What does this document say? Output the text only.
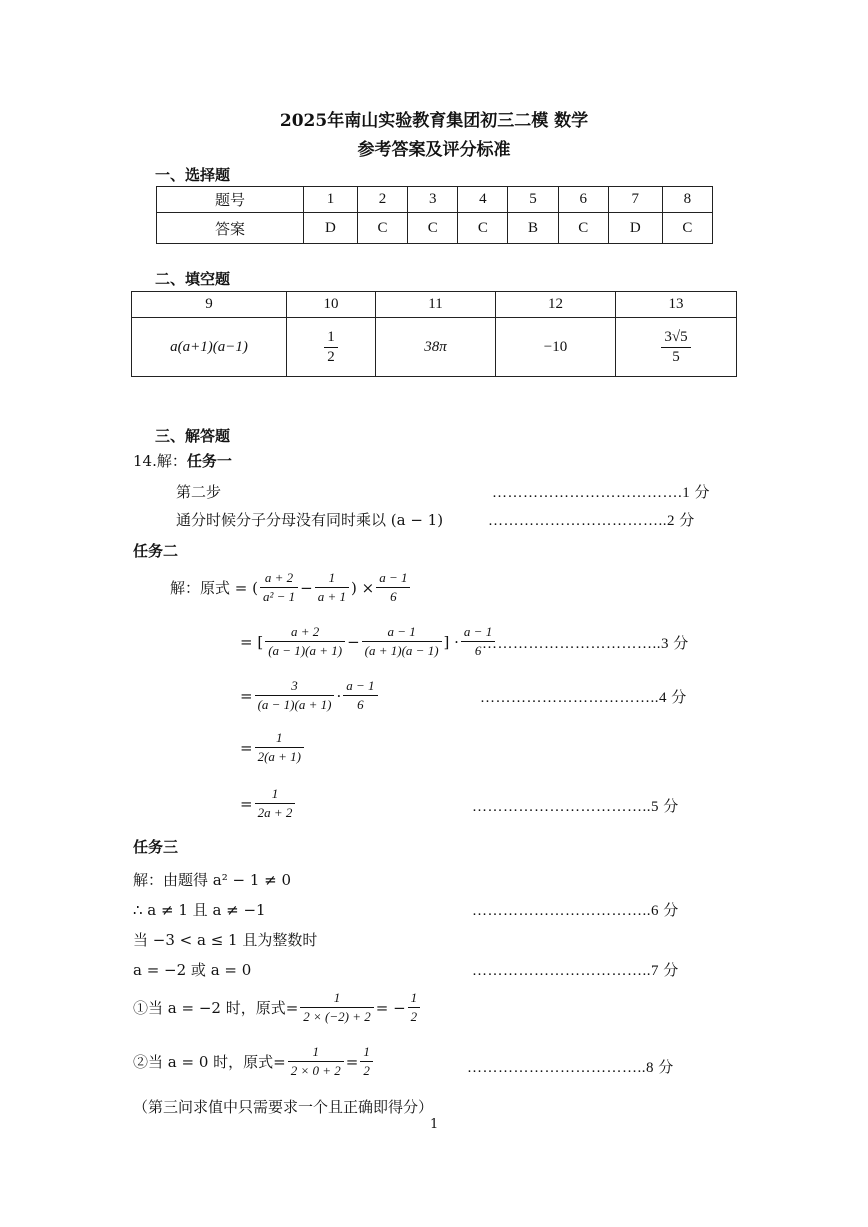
2025年南山实验教育集团初三二模 数学
参考答案及评分标准
一、选择题
题号	1	2	3	4	5	6	7	8
答案	D	C	C	C	B	C	D	C
二、填空题
9	10	11	12	13
a(a+1)(a−1)	$\frac{1}{2}$	38π	−10	$\frac{3√5}{5}$
三、解答题
14.解：任务一
第二步	……………………………….1 分
通分时候分子分母没有同时乘以 (a − 1)	……………………………..2 分
任务二
解：原式 = ( $\frac{a + 2}{\text{a² − 1}} - \frac{1}{a + 1}$ ) × $\frac{a - 1}{6}$
= [ $\frac{a + 2}{(a - 1)(a + 1)} - \frac{a - 1}{(a + 1)(a - 1)}$ ] · $\frac{a - 1}{6}$
……………………………..3 分
= $\frac{3}{(a - 1)(a + 1)} \cdot \frac{a - 1}{6}$	……………………………..4 分
= $\frac{1}{2(a + 1)}$
= $\frac{1}{2a + 2}$	……………………………..5 分
任务三
解：由题得 a² − 1 ≠ 0
∴ a ≠ 1 且 a ≠ −1	……………………………..6 分
当 −3 < a ≤ 1 且为整数时
a = −2 或 a = 0	……………………………..7 分
①当 a = −2 时，原式= $\frac{1}{2 \times (-2) + 2}$ = − $\frac{1}{2}$
②当 a = 0 时，原式= $\frac{1}{2 \times 0 + 2} = \frac{1}{2}$	……………………………..8 分
（第三问求值中只需要求一个且正确即得分）
1
